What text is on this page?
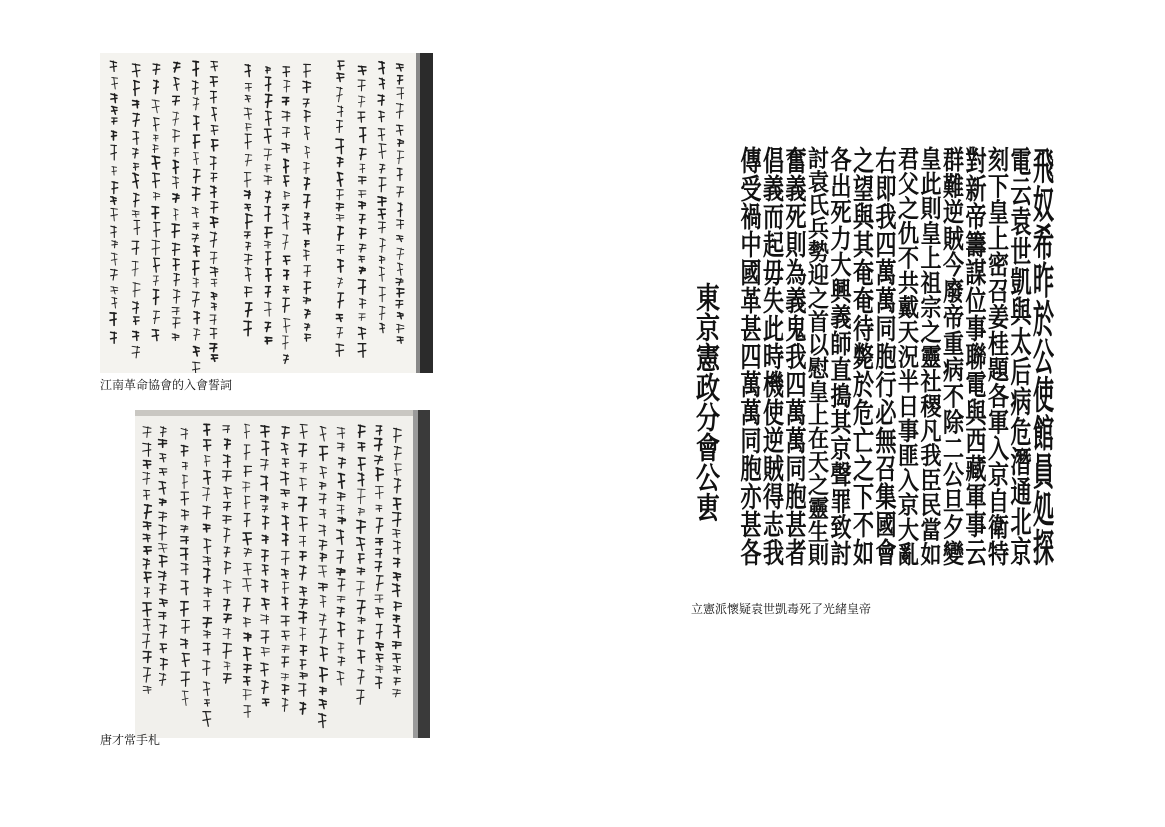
江南革命協會的入會誓詞
唐才常手札
飛奴希昨於公使館員処探
電云袁世凱與太后病危潛通北京
刻下皇上密召姜桂題各軍入京自衛特
對新帝籌謀位事聯電與西藏軍事云
群難逆賊今廢帝重病不除二公旦夕變
皇此則皇上祖宗之靈社稷凡我臣民當如
君父之仇不共戴天況半日事匪入京大亂
右即我四萬萬同胞行必無召集國會
之望與其奄奄待斃於危亡之下不如
各出死力大興義師直搗其京聲罪致討
討袁氏兵勢迎之首以慰皇上在天之靈生則
奮義死則為義鬼我四萬萬同胞甚者
倡義而起毋失此時機使逆賊得志我
傳受禍中國革甚四萬萬同胞亦甚各
東京憲政分會公叀
立憲派懷疑袁世凱毒死了光緒皇帝
